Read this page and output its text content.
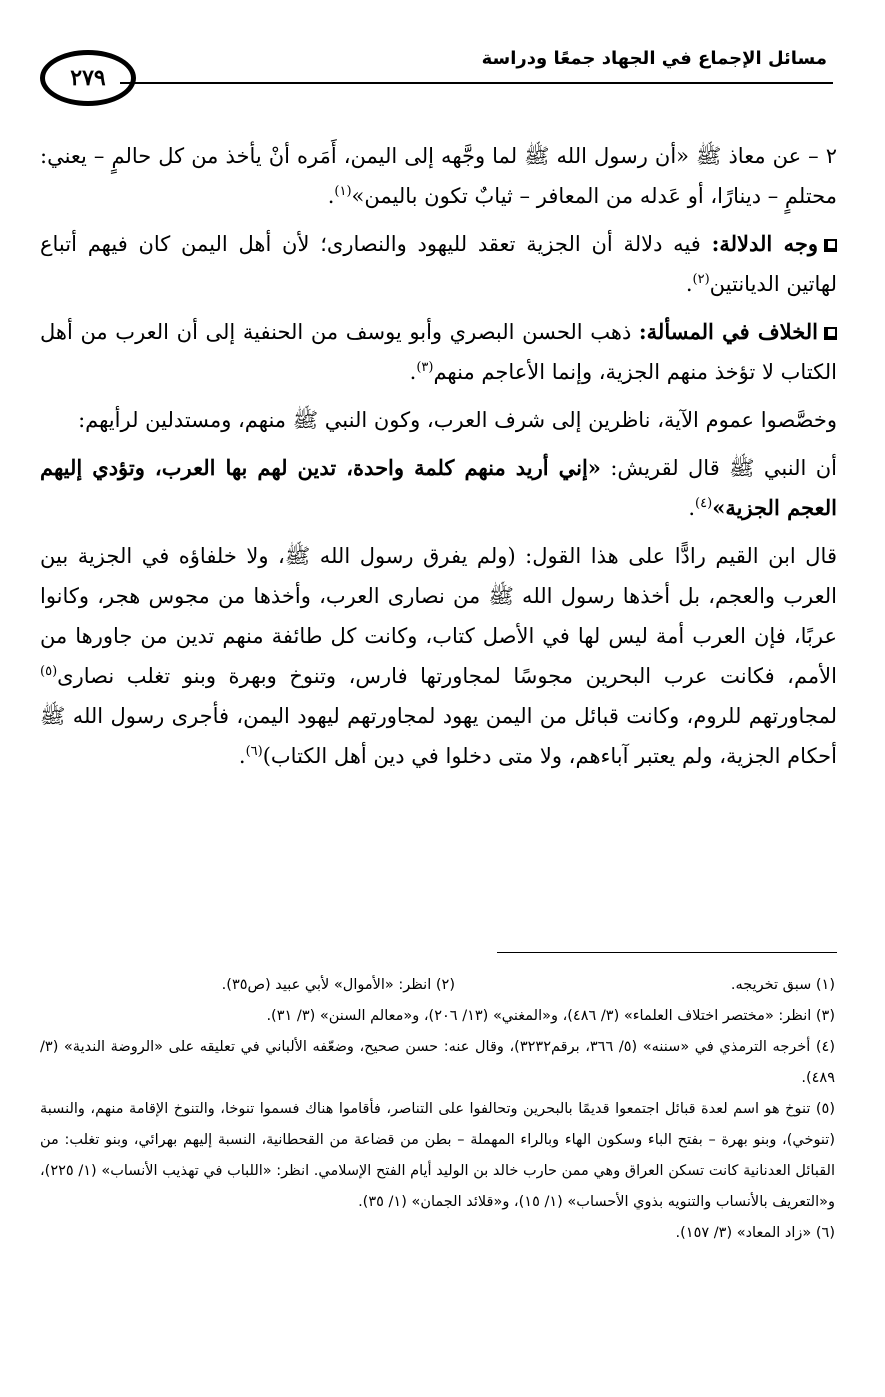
مسائل الإجماع في الجهاد جمعًا ودراسة
٢٧٩

٢ – عن معاذ ﷺ «أن رسول الله ﷺ لما وجَّهه إلى اليمن، أَمَره أنْ يأخذ من كل حالمٍ – يعني: محتلمٍ – دينارًا، أو عَدله من المعافر – ثيابٌ تكون باليمن»$^{(١)}$.

وجه الدلالة: فيه دلالة أن الجزية تعقد لليهود والنصارى؛ لأن أهل اليمن كان فيهم أتباع لهاتين الديانتين$^{(٢)}$.

الخلاف في المسألة: ذهب الحسن البصري وأبو يوسف من الحنفية إلى أن العرب من أهل الكتاب لا تؤخذ منهم الجزية، وإنما الأعاجم منهم$^{(٣)}$.

وخصَّصوا عموم الآية، ناظرين إلى شرف العرب، وكون النبي ﷺ منهم، ومستدلين لرأيهم:

أن النبي ﷺ قال لقريش: «إني أريد منهم كلمة واحدة، تدين لهم بها العرب، وتؤدي إليهم العجم الجزية»$^{(٤)}$.

قال ابن القيم رادًّا على هذا القول: (ولم يفرق رسول الله ﷺ، ولا خلفاؤه في الجزية بين العرب والعجم، بل أخذها رسول الله ﷺ من نصارى العرب، وأخذها من مجوس هجر، وكانوا عربًا، فإن العرب أمة ليس لها في الأصل كتاب، وكانت كل طائفة منهم تدين من جاورها من الأمم، فكانت عرب البحرين مجوسًا لمجاورتها فارس، وتنوخ وبهرة وبنو تغلب نصارى$^{(٥)}$ لمجاورتهم للروم، وكانت قبائل من اليمن يهود لمجاورتهم ليهود اليمن، فأجرى رسول الله ﷺ أحكام الجزية، ولم يعتبر آباءهم، ولا متى دخلوا في دين أهل الكتاب)$^{(٦)}$.

(١) سبق تخريجه.
(٢) انظر: «الأموال» لأبي عبيد (ص٣٥).

(٣) انظر: «مختصر اختلاف العلماء» (٣/ ٤٨٦)، و«المغني» (١٣/ ٢٠٦)، و«معالم السنن» (٣/ ٣١).

(٤) أخرجه الترمذي في «سننه» (٥/ ٣٦٦، برقم٣٢٣٢)، وقال عنه: حسن صحيح، وضعّفه الألباني في تعليقه على «الروضة الندية» (٣/ ٤٨٩).

(٥) تنوخ هو اسم لعدة قبائل اجتمعوا قديمًا بالبحرين وتحالفوا على التناصر، فأقاموا هناك فسموا تنوخا، والتنوخ الإقامة منهم، والنسبة (تنوخي)، وبنو بهرة – بفتح الباء وسكون الهاء وبالراء المهملة – بطن من قضاعة من القحطانية، النسبة إليهم بهرائي، وبنو تغلب: من القبائل العدنانية كانت تسكن العراق وهي ممن حارب خالد بن الوليد أيام الفتح الإسلامي. انظر: «اللباب في تهذيب الأنساب» (١/ ٢٢٥)، و«التعريف بالأنساب والتنويه بذوي الأحساب» (١/ ١٥)، و«قلائد الجمان» (١/ ٣٥).

(٦) «زاد المعاد» (٣/ ١٥٧).
